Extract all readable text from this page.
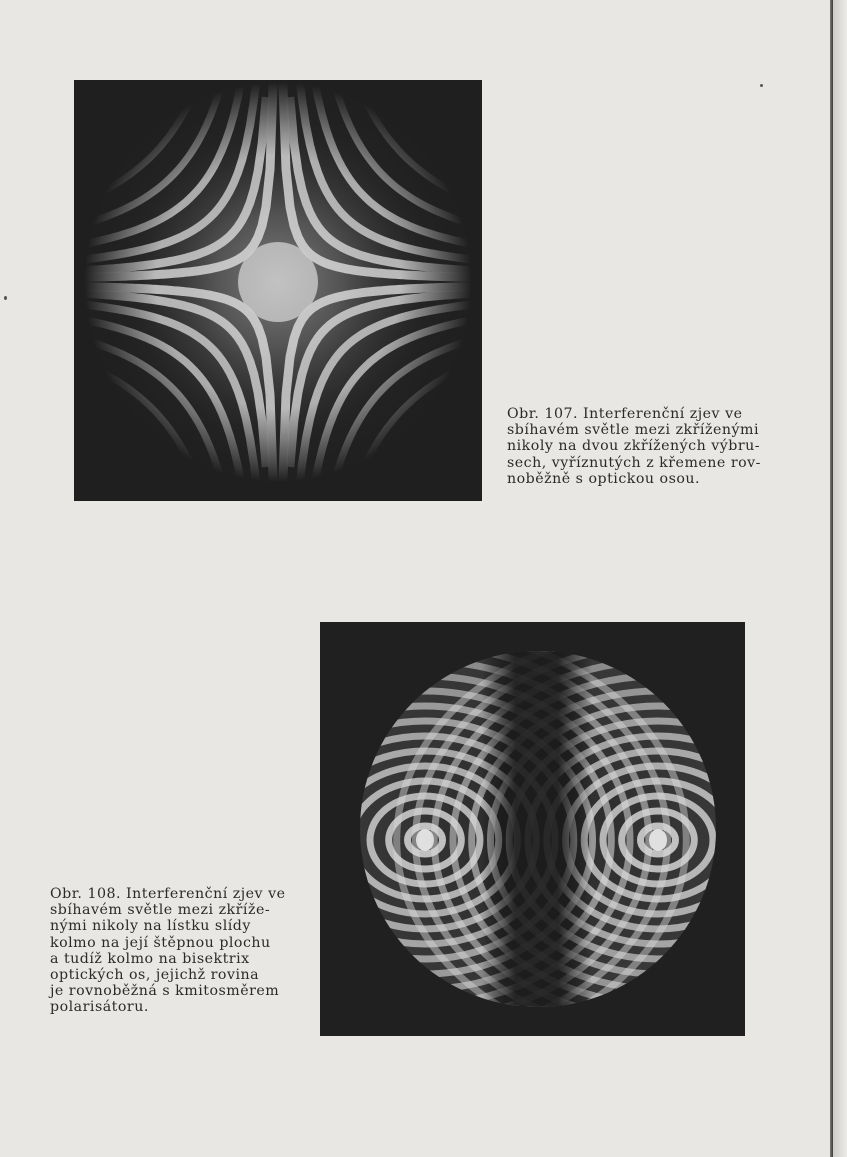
Obr. 107. Interferenční zjev ve
sbíhavém světle mezi zkříženými
nikoly na dvou zkřížených výbru-
sech, vyříznutých z křemene rov-
noběžně s optickou osou.
Obr. 108. Interferenční zjev ve
sbíhavém světle mezi zkříže-
nými nikoly na lístku slídy
kolmo na její štěpnou plochu
a tudíž kolmo na bisektrix
optických os, jejichž rovina
je rovnoběžná s kmitosměrem
polarisátoru.
